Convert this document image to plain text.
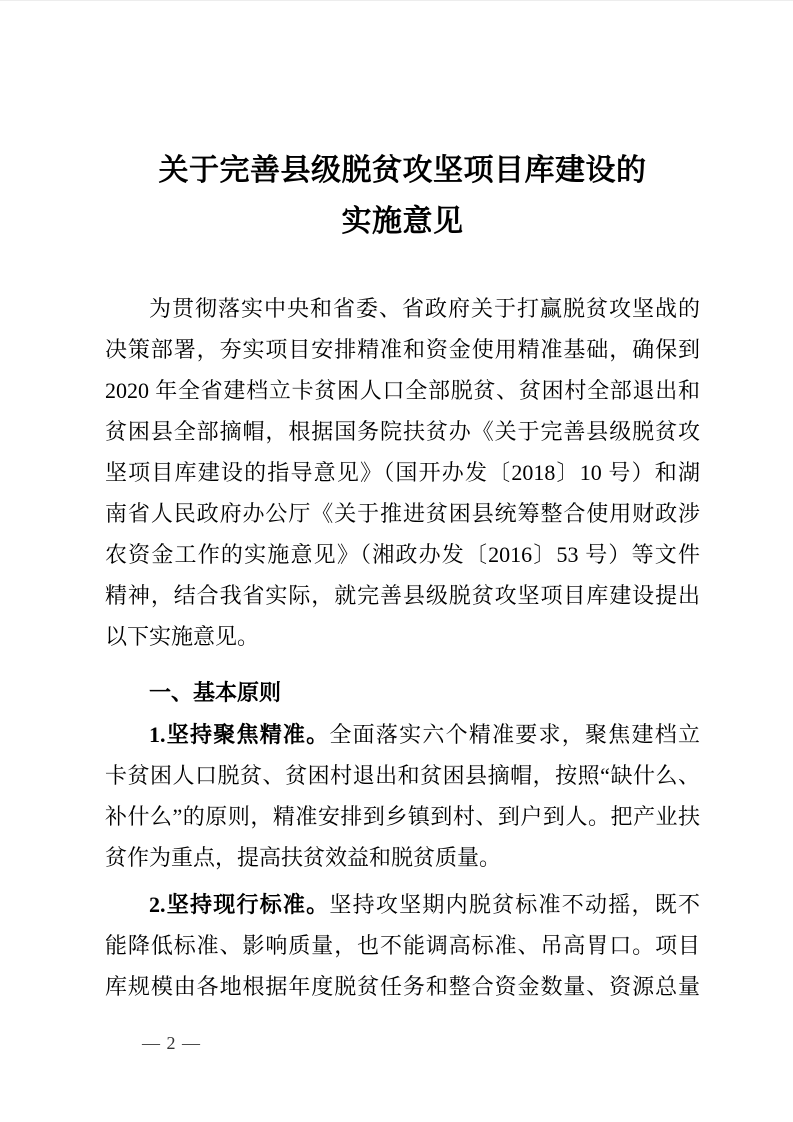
关于完善县级脱贫攻坚项目库建设的
实施意见
为贯彻落实中央和省委、省政府关于打赢脱贫攻坚战的
决策部署，夯实项目安排精准和资金使用精准基础，确保到
2020 年全省建档立卡贫困人口全部脱贫、贫困村全部退出和
贫困县全部摘帽，根据国务院扶贫办《关于完善县级脱贫攻
坚项目库建设的指导意见》（国开办发〔2018〕10 号）和湖
南省人民政府办公厅《关于推进贫困县统筹整合使用财政涉
农资金工作的实施意见》（湘政办发〔2016〕53 号）等文件
精神，结合我省实际，就完善县级脱贫攻坚项目库建设提出
以下实施意见。
一、基本原则
1.坚持聚焦精准。全面落实六个精准要求，聚焦建档立
卡贫困人口脱贫、贫困村退出和贫困县摘帽，按照“缺什么、
补什么”的原则，精准安排到乡镇到村、到户到人。把产业扶
贫作为重点，提高扶贫效益和脱贫质量。
2.坚持现行标准。坚持攻坚期内脱贫标准不动摇，既不
能降低标准、影响质量，也不能调高标准、吊高胃口。项目
库规模由各地根据年度脱贫任务和整合资金数量、资源总量
— 2 —
